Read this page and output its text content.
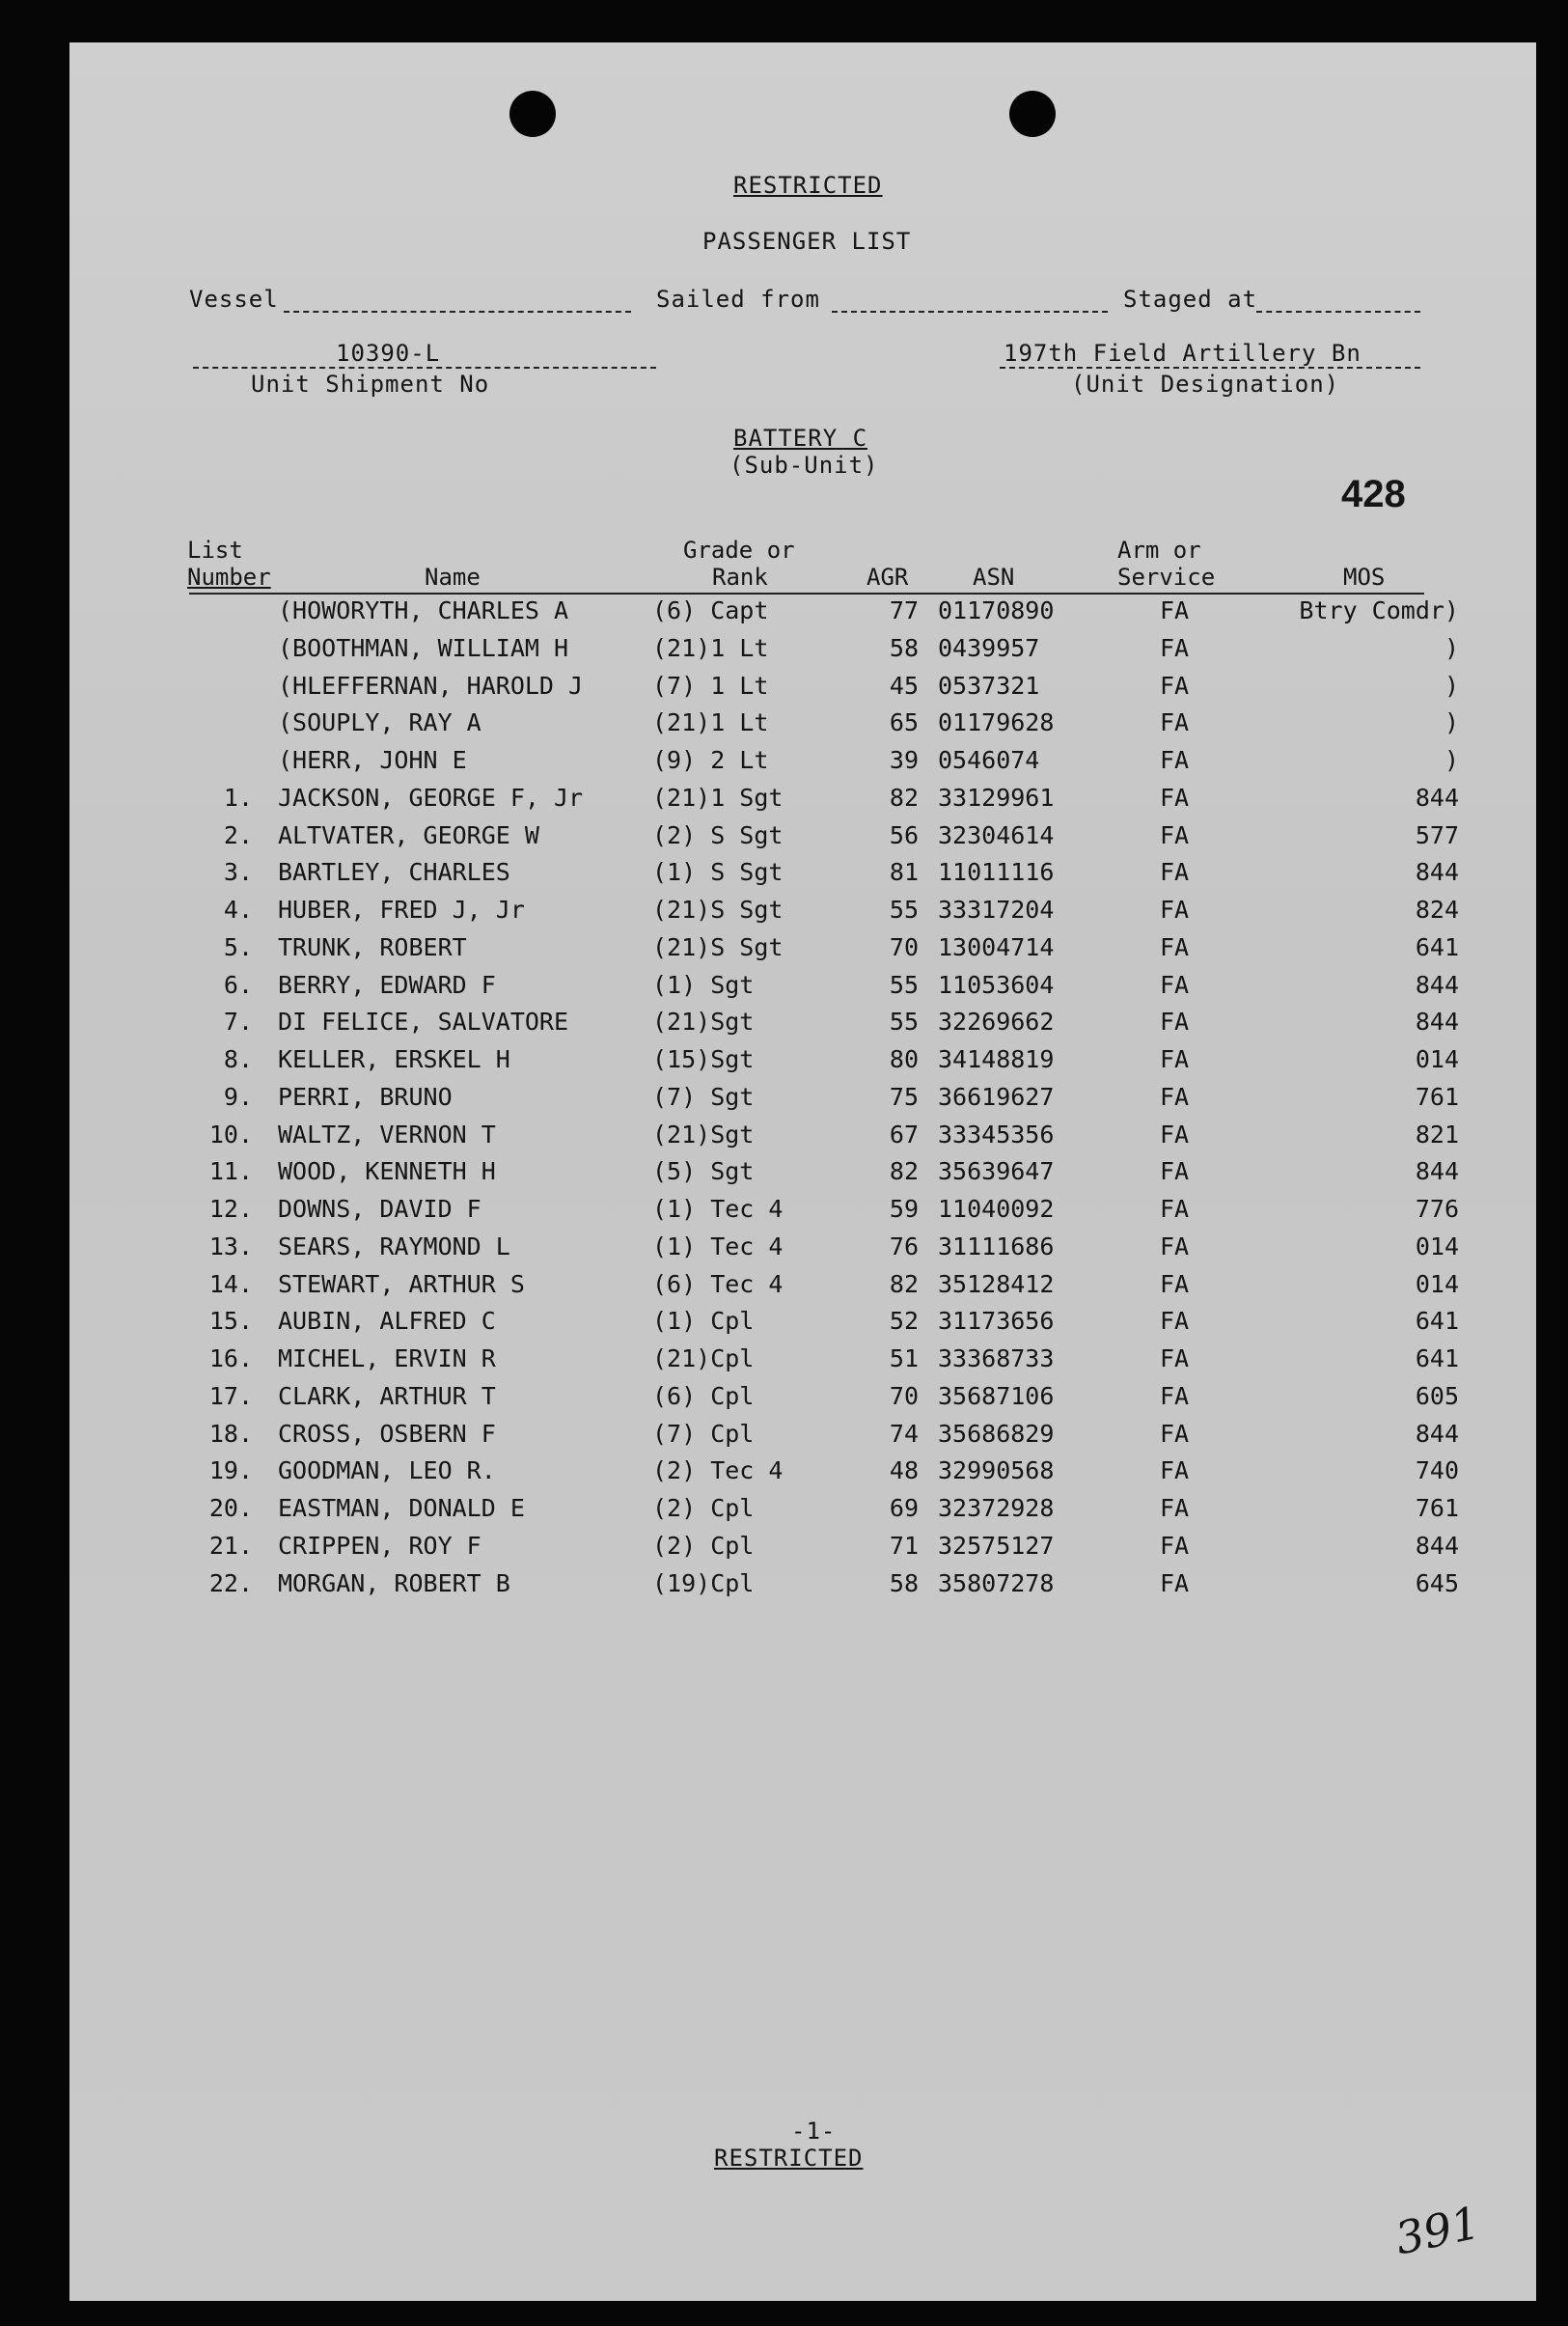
RESTRICTED
PASSENGER LIST
Vessel	Sailed from	Staged at
10390-L
Unit Shipment No
197th Field Artillery Bn
(Unit Designation)
BATTERY C
(Sub-Unit)
428
List
Number	Name
Grade or
Rank	AGR	ASN
Arm or
Service	MOS
(HOWORYTH, CHARLES A	(6) Capt	77 01170890	FA	Btry Comdr)
(BOOTHMAN, WILLIAM H	(21)1 Lt	58 0439957	FA	)
(HLEFFERNAN, HAROLD J	(7) 1 Lt	45 0537321	FA	)
(SOUPLY, RAY A	(21)1 Lt	65 01179628	FA	)
(HERR, JOHN E	(9) 2 Lt	39 0546074	FA	)
1. JACKSON, GEORGE F, Jr	(21)1 Sgt	82 33129961	FA	844
2. ALTVATER, GEORGE W	(2) S Sgt	56 32304614	FA	577
3. BARTLEY, CHARLES	(1) S Sgt	81 11011116	FA	844
4. HUBER, FRED J, Jr	(21)S Sgt	55 33317204	FA	824
5. TRUNK, ROBERT	(21)S Sgt	70 13004714	FA	641
6. BERRY, EDWARD F	(1) Sgt	55 11053604	FA	844
7. DI FELICE, SALVATORE	(21)Sgt	55 32269662	FA	844
8. KELLER, ERSKEL H	(15)Sgt	80 34148819	FA	014
9. PERRI, BRUNO	(7) Sgt	75 36619627	FA	761
10. WALTZ, VERNON T	(21)Sgt	67 33345356	FA	821
11. WOOD, KENNETH H	(5) Sgt	82 35639647	FA	844
12. DOWNS, DAVID F	(1) Tec 4	59 11040092	FA	776
13. SEARS, RAYMOND L	(1) Tec 4	76 31111686	FA	014
14. STEWART, ARTHUR S	(6) Tec 4	82 35128412	FA	014
15. AUBIN, ALFRED C	(1) Cpl	52 31173656	FA	641
16. MICHEL, ERVIN R	(21)Cpl	51 33368733	FA	641
17. CLARK, ARTHUR T	(6) Cpl	70 35687106	FA	605
18. CROSS, OSBERN F	(7) Cpl	74 35686829	FA	844
19. GOODMAN, LEO R.	(2) Tec 4	48 32990568	FA	740
20. EASTMAN, DONALD E	(2) Cpl	69 32372928	FA	761
21. CRIPPEN, ROY F	(2) Cpl	71 32575127	FA	844
22. MORGAN, ROBERT B	(19)Cpl	58 35807278	FA	645
-1-
RESTRICTED
391
